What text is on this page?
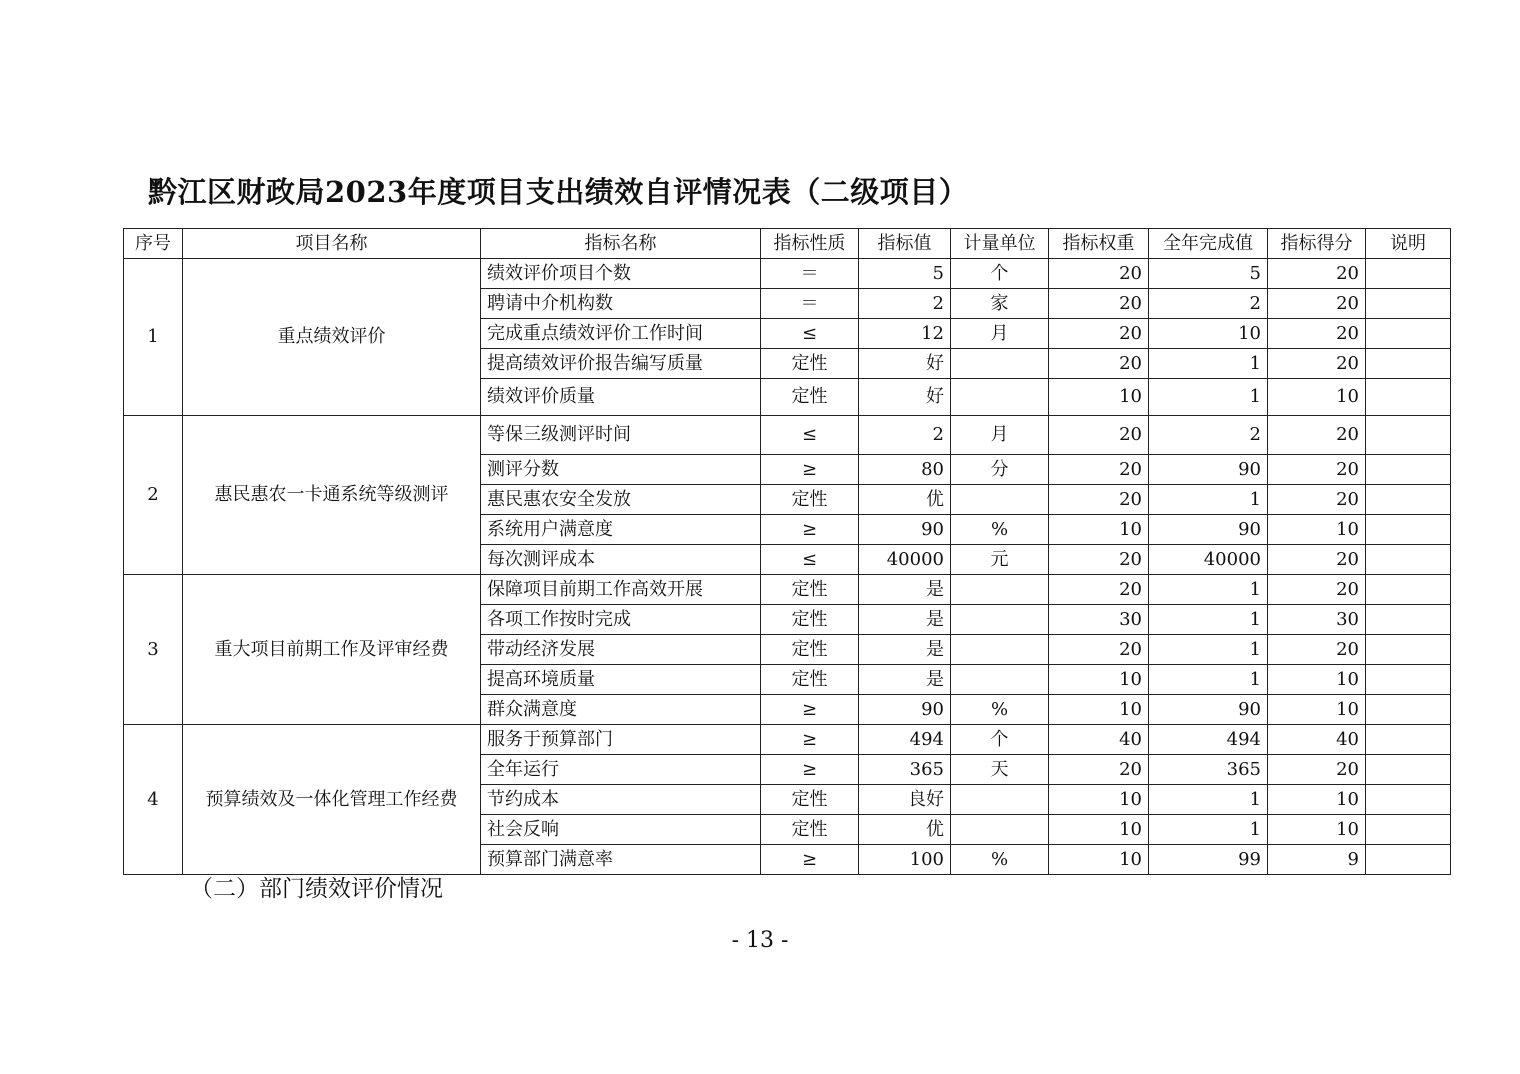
黔江区财政局2023年度项目支出绩效自评情况表（二级项目）
序号	项目名称	指标名称	指标性质	指标值	计量单位	指标权重	全年完成值	指标得分	说明
1	重点绩效评价	绩效评价项目个数	＝	5	个	20	5	20	
		聘请中介机构数	＝	2	家	20	2	20	
		完成重点绩效评价工作时间	≤	12	月	20	10	20	
		提高绩效评价报告编写质量	定性	好		20	1	20	
		绩效评价质量	定性	好		10	1	10	
2	惠民惠农一卡通系统等级测评	等保三级测评时间	≤	2	月	20	2	20	
		测评分数	≥	80	分	20	90	20	
		惠民惠农安全发放	定性	优		20	1	20	
		系统用户满意度	≥	90	%	10	90	10	
		每次测评成本	≤	40000	元	20	40000	20	
3	重大项目前期工作及评审经费	保障项目前期工作高效开展	定性	是		20	1	20	
		各项工作按时完成	定性	是		30	1	30	
		带动经济发展	定性	是		20	1	20	
		提高环境质量	定性	是		10	1	10	
		群众满意度	≥	90	%	10	90	10	
4	预算绩效及一体化管理工作经费	服务于预算部门	≥	494	个	40	494	40	
		全年运行	≥	365	天	20	365	20	
		节约成本	定性	良好		10	1	10	
		社会反响	定性	优		10	1	10	
		预算部门满意率	≥	100	%	10	99	9	
（二）部门绩效评价情况
- 13 -
